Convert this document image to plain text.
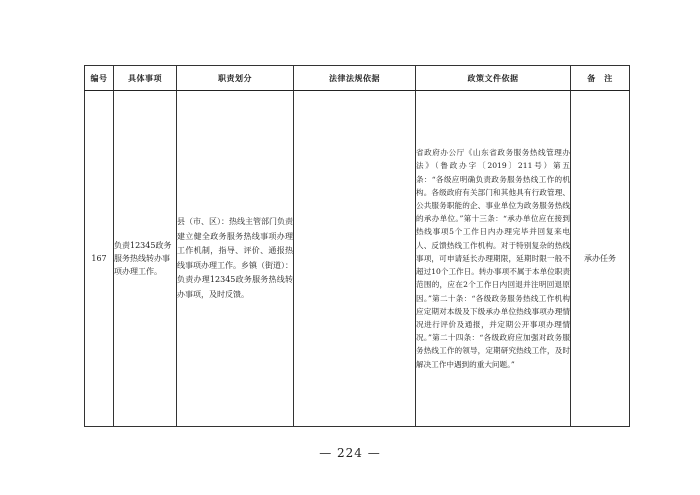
编号	具体事项	职责划分	法律法规依据	政策文件依据	备　注
167	负责12345政务服务热线转办事项办理工作。	县（市、区）：热线主管部门负责建立健全政务服务热线事项办理工作机制，指导、评价、通报热线事项办理工作。乡镇（街道）：负责办理12345政务服务热线转办事项，及时反馈。		省政府办公厅《山东省政务服务热线管理办法》（鲁政办字〔2019〕211号）第五条：“各级应明确负责政务服务热线工作的机构。各级政府有关部门和其他具有行政管理、公共服务职能的企、事业单位为政务服务热线的承办单位。”第十三条：“承办单位应在接到热线事项5个工作日内办理完毕并回复来电人、反馈热线工作机构。对于特别复杂的热线事项，可申请延长办理期限，延期时限一般不超过10个工作日。转办事项不属于本单位职责范围的，应在2个工作日内回退并注明回退原因。”第二十条：“各级政务服务热线工作机构应定期对本级及下级承办单位热线事项办理情况进行评价及通报，并定期公开事项办理情况。”第二十四条：“各级政府应加强对政务服务热线工作的领导，定期研究热线工作，及时解决工作中遇到的重大问题。”	承办任务
— 224 —
